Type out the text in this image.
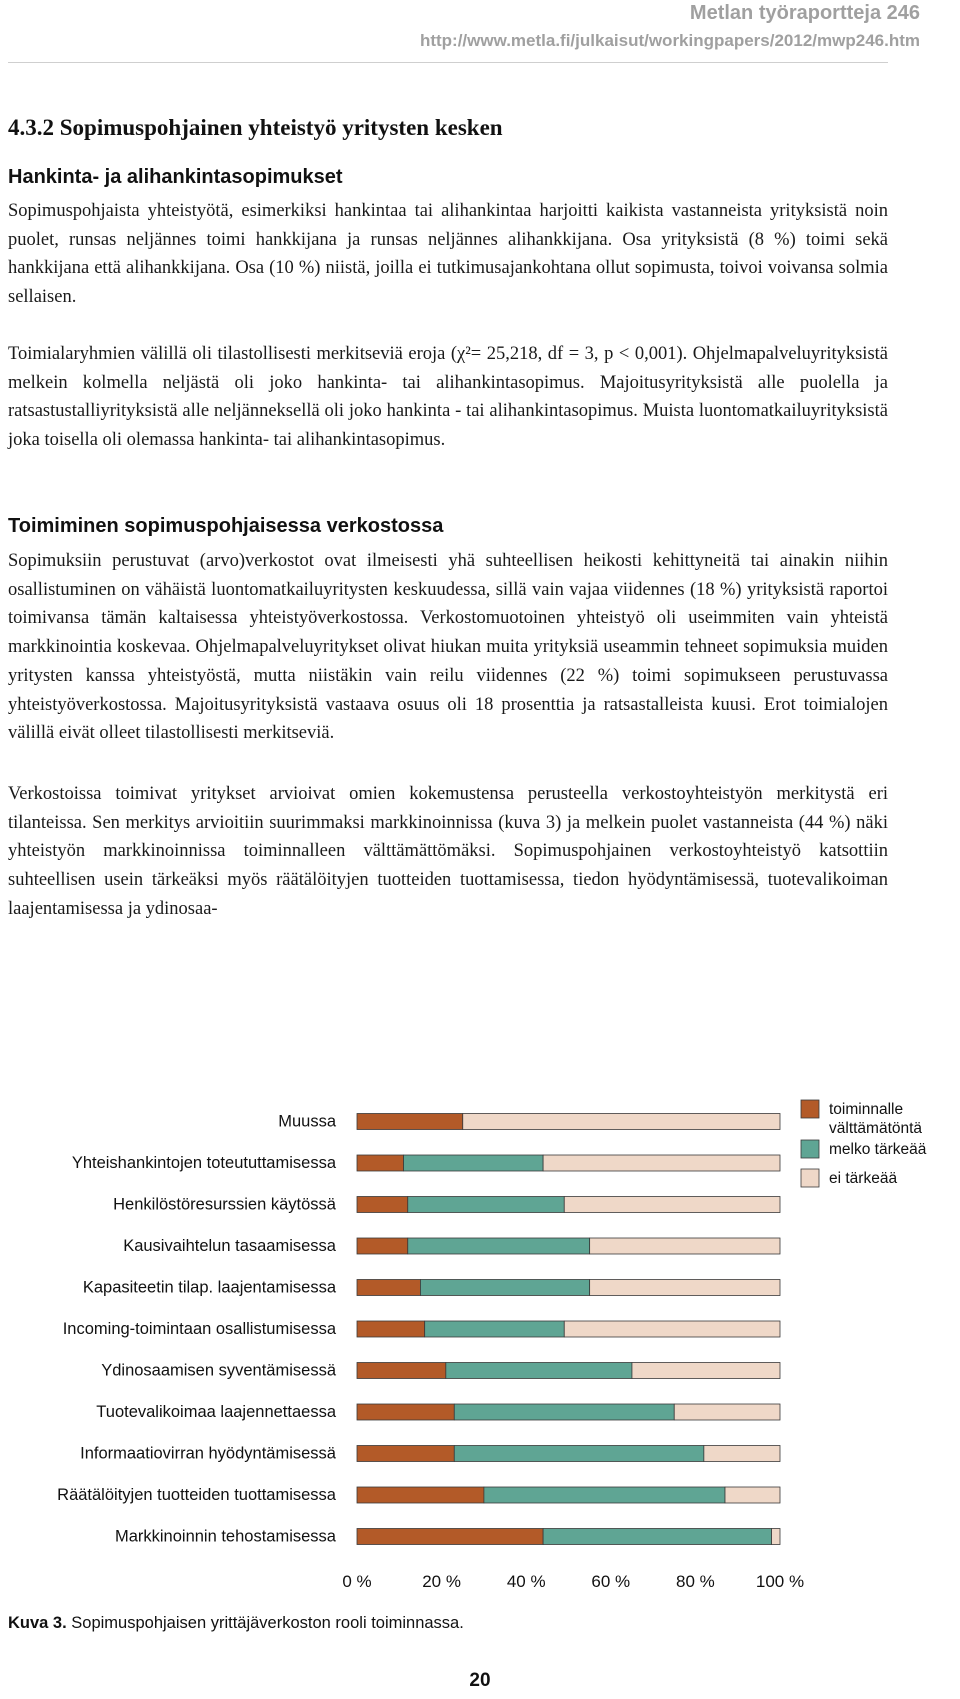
Metlan työraportteja 246
http://www.metla.fi/julkaisut/workingpapers/2012/mwp246.htm
4.3.2 Sopimuspohjainen yhteistyö yritysten kesken
Hankinta- ja alihankintasopimukset

Sopimuspohjaista yhteistyötä, esimerkiksi hankintaa tai alihankintaa harjoitti kaikista vastanneista yrityksistä noin puolet, runsas neljännes toimi hankkijana ja runsas neljännes alihankkijana. Osa yrityksistä (8 %) toimi sekä hankkijana että alihankkijana. Osa (10 %) niistä, joilla ei tutkimusajankohtana ollut sopimusta, toivoi voivansa solmia sellaisen.

Toimialaryhmien välillä oli tilastollisesti merkitseviä eroja (χ²= 25,218, df = 3, p < 0,001). Ohjelmapalveluyrityksistä melkein kolmella neljästä oli joko hankinta- tai alihankintasopimus. Majoitusyrityksistä alle puolella ja ratsastustalliyrityksistä alle neljänneksellä oli joko hankinta - tai alihankintasopimus. Muista luontomatkailuyrityksistä joka toisella oli olemassa hankinta- tai alihankintasopimus.

Toimiminen sopimuspohjaisessa verkostossa

Sopimuksiin perustuvat (arvo)verkostot ovat ilmeisesti yhä suhteellisen heikosti kehittyneitä tai ainakin niihin osallistuminen on vähäistä luontomatkailuyritysten keskuudessa, sillä vain vajaa viidennes (18 %) yrityksistä raportoi toimivansa tämän kaltaisessa yhteistyöverkostossa. Verkostomuotoinen yhteistyö oli useimmiten vain yhteistä markkinointia koskevaa. Ohjelmapalveluyritykset olivat hiukan muita yrityksiä useammin tehneet sopimuksia muiden yritysten kanssa yhteistyöstä, mutta niistäkin vain reilu viidennes (22 %) toimi sopimukseen perustuvassa yhteistyöverkostossa. Majoitusyrityksistä vastaava osuus oli 18 prosenttia ja ratsastalleista kuusi. Erot toimialojen välillä eivät olleet tilastollisesti merkitseviä.

Verkostoissa toimivat yritykset arvioivat omien kokemustensa perusteella verkostoyhteistyön merkitystä eri tilanteissa. Sen merkitys arvioitiin suurimmaksi markkinoinnissa (kuva 3) ja melkein puolet vastanneista (44 %) näki yhteistyön markkinoinnissa toiminnalleen välttämättömäksi. Sopimuspohjainen verkostoyhteistyö katsottiin suhteellisen usein tärkeäksi myös räätälöityjen tuotteiden tuottamisessa, tiedon hyödyntämisessä, tuotevalikoiman laajentamisessa ja ydinosaa-

Muussa
Yhteishankintojen toteututtamisessa
Henkilöstöresurssien käytössä
Kausivaihtelun tasaamisessa
Kapasiteetin tilap. laajentamisessa
Incoming-toimintaan osallistumisessa
Ydinosaamisen syventämisessä
Tuotevalikoimaa laajennettaessa
Informaatiovirran hyödyntämisessä
Räätälöityjen tuotteiden tuottamisessa
Markkinoinnin tehostamisessa
0 %	20 %	40 %	60 %	80 % 100 %
toiminnalle välttämätöntä
melko tärkeää
ei tärkeää

Kuva 3. Sopimuspohjaisen yrittäjäverkoston rooli toiminnassa.

20
